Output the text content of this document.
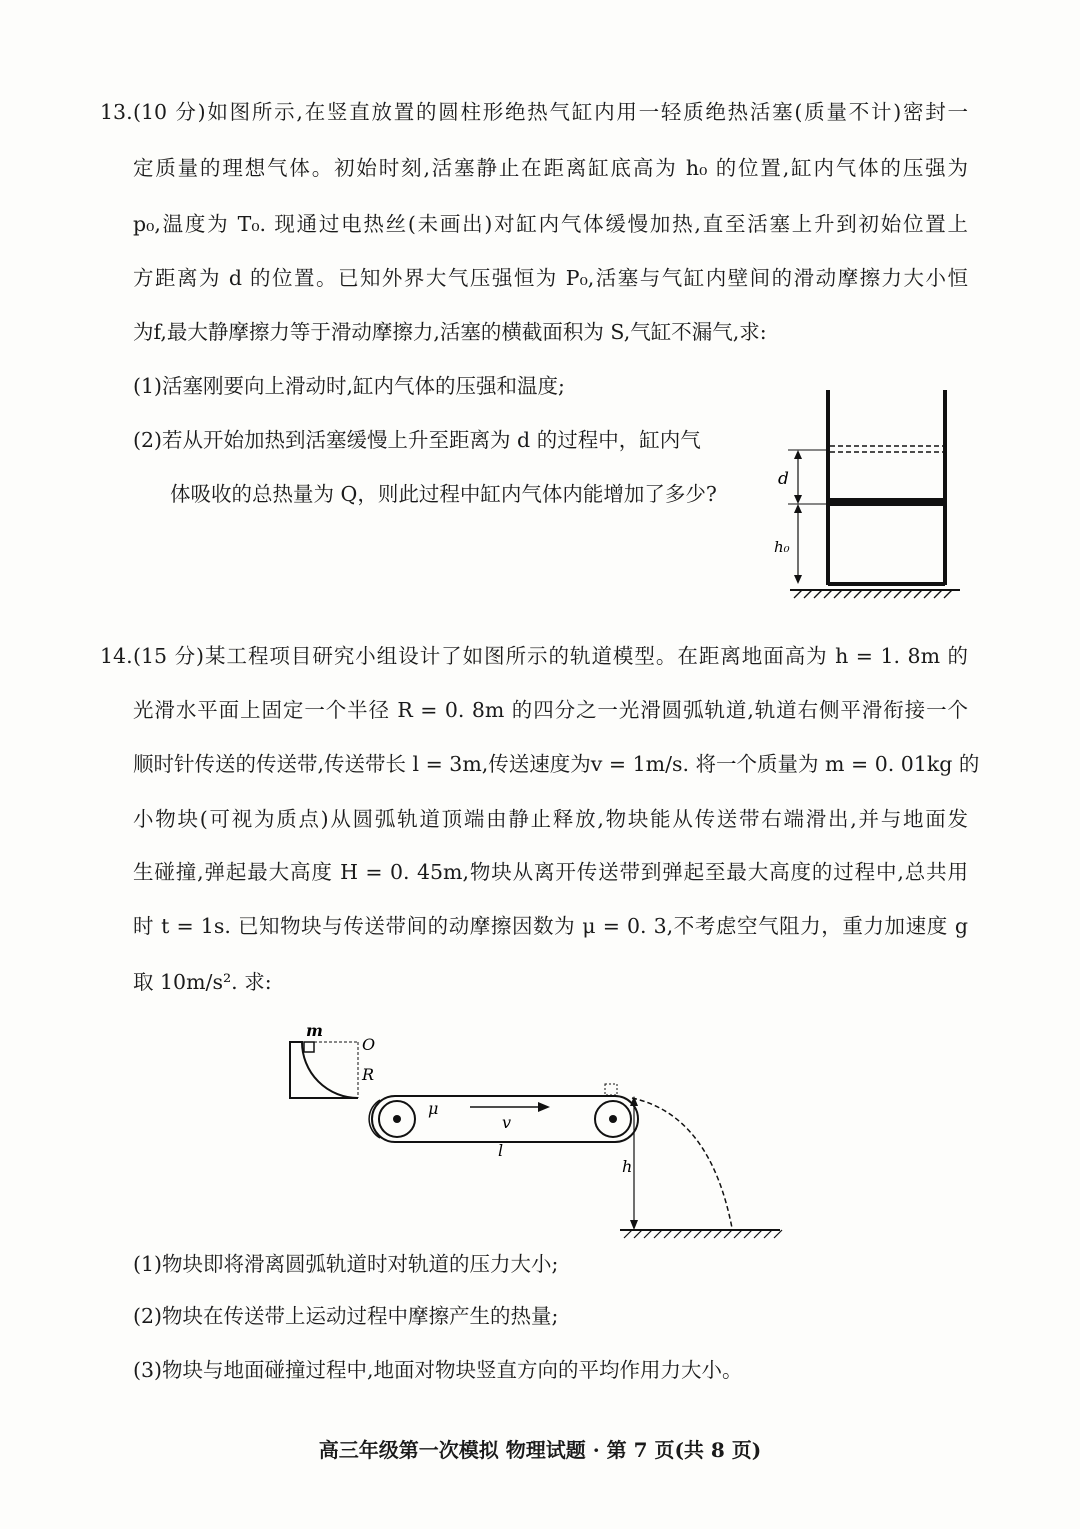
13. (10 分)如图所示,在竖直放置的圆柱形绝热气缸内用一轻质绝热活塞(质量不计)密封一
定质量的理想气体。初始时刻,活塞静止在距离缸底高为 h₀ 的位置,缸内气体的压强为
p₀,温度为 T₀. 现通过电热丝(未画出)对缸内气体缓慢加热,直至活塞上升到初始位置上
方距离为 d 的位置。已知外界大气压强恒为 P₀,活塞与气缸内壁间的滑动摩擦力大小恒
为f,最大静摩擦力等于滑动摩擦力,活塞的横截面积为 S,气缸不漏气,求:
(1)活塞刚要向上滑动时,缸内气体的压强和温度;
(2)若从开始加热到活塞缓慢上升至距离为 d 的过程中，缸内气
体吸收的总热量为 Q，则此过程中缸内气体内能增加了多少?
d
h₀
14. (15 分)某工程项目研究小组设计了如图所示的轨道模型。在距离地面高为 h = 1. 8m 的
光滑水平面上固定一个半径 R = 0. 8m 的四分之一光滑圆弧轨道,轨道右侧平滑衔接一个
顺时针传送的传送带,传送带长 l = 3m,传送速度为v = 1m/s. 将一个质量为 m = 0. 01kg 的
小物块(可视为质点)从圆弧轨道顶端由静止释放,物块能从传送带右端滑出,并与地面发
生碰撞,弹起最大高度 H = 0. 45m,物块从离开传送带到弹起至最大高度的过程中,总共用
时 t = 1s. 已知物块与传送带间的动摩擦因数为 μ = 0. 3,不考虑空气阻力，重力加速度 g
取 10m/s². 求:
m
O
R
μ
v
l
h
(1)物块即将滑离圆弧轨道时对轨道的压力大小;
(2)物块在传送带上运动过程中摩擦产生的热量;
(3)物块与地面碰撞过程中,地面对物块竖直方向的平均作用力大小。
高三年级第一次模拟 物理试题 · 第 7 页(共 8 页)
